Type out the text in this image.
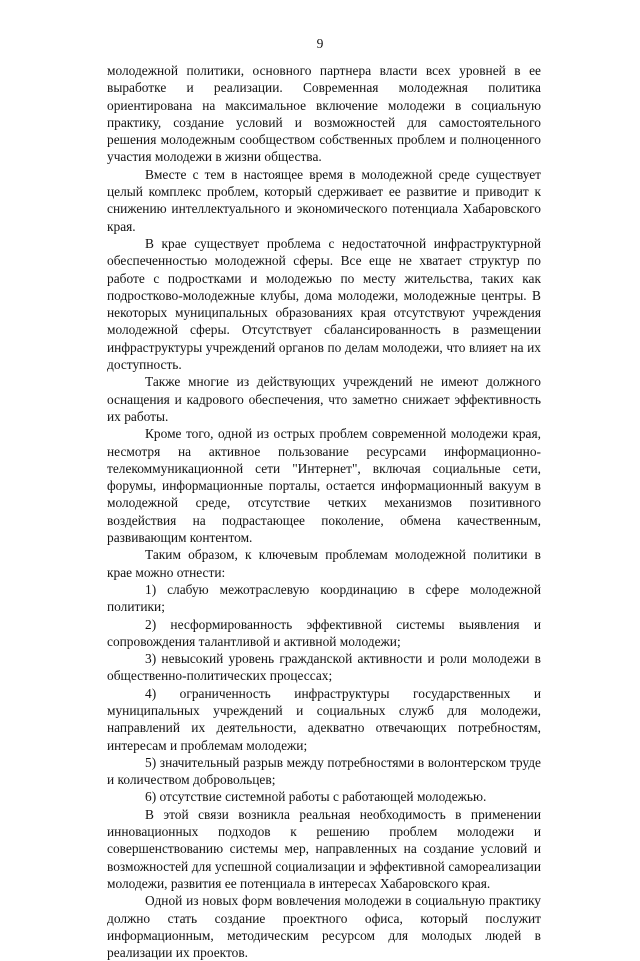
9

молодежной политики, основного партнера власти всех уровней в ее выработке и реализации. Современная молодежная политика ориентирована на максимальное включение молодежи в социальную практику, создание условий и возможностей для самостоятельного решения молодежным сообществом собственных проблем и полноценного участия молодежи в жизни общества.

Вместе с тем в настоящее время в молодежной среде существует целый комплекс проблем, который сдерживает ее развитие и приводит к снижению интеллектуального и экономического потенциала Хабаровского края.

В крае существует проблема с недостаточной инфраструктурной обеспеченностью молодежной сферы. Все еще не хватает структур по работе с подростками и молодежью по месту жительства, таких как подростково-молодежные клубы, дома молодежи, молодежные центры. В некоторых муниципальных образованиях края отсутствуют учреждения молодежной сферы. Отсутствует сбалансированность в размещении инфраструктуры учреждений органов по делам молодежи, что влияет на их доступность.

Также многие из действующих учреждений не имеют должного оснащения и кадрового обеспечения, что заметно снижает эффективность их работы.

Кроме того, одной из острых проблем современной молодежи края, несмотря на активное пользование ресурсами информационно-телекоммуникационной сети "Интернет", включая социальные сети, форумы, информационные порталы, остается информационный вакуум в молодежной среде, отсутствие четких механизмов позитивного воздействия на подрастающее поколение, обмена качественным, развивающим контентом.

Таким образом, к ключевым проблемам молодежной политики в крае можно отнести:

1) слабую межотраслевую координацию в сфере молодежной политики;

2) несформированность эффективной системы выявления и сопровождения талантливой и активной молодежи;

3) невысокий уровень гражданской активности и роли молодежи в общественно-политических процессах;

4) ограниченность инфраструктуры государственных и муниципальных учреждений и социальных служб для молодежи, направлений их деятельности, адекватно отвечающих потребностям, интересам и проблемам молодежи;

5) значительный разрыв между потребностями в волонтерском труде и количеством добровольцев;

6) отсутствие системной работы с работающей молодежью.

В этой связи возникла реальная необходимость в применении инновационных подходов к решению проблем молодежи и совершенствованию системы мер, направленных на создание условий и возможностей для успешной социализации и эффективной самореализации молодежи, развития ее потенциала в интересах Хабаровского края.

Одной из новых форм вовлечения молодежи в социальную практику должно стать создание проектного офиса, который послужит информационным, методическим ресурсом для молодых людей в реализации их проектов.
